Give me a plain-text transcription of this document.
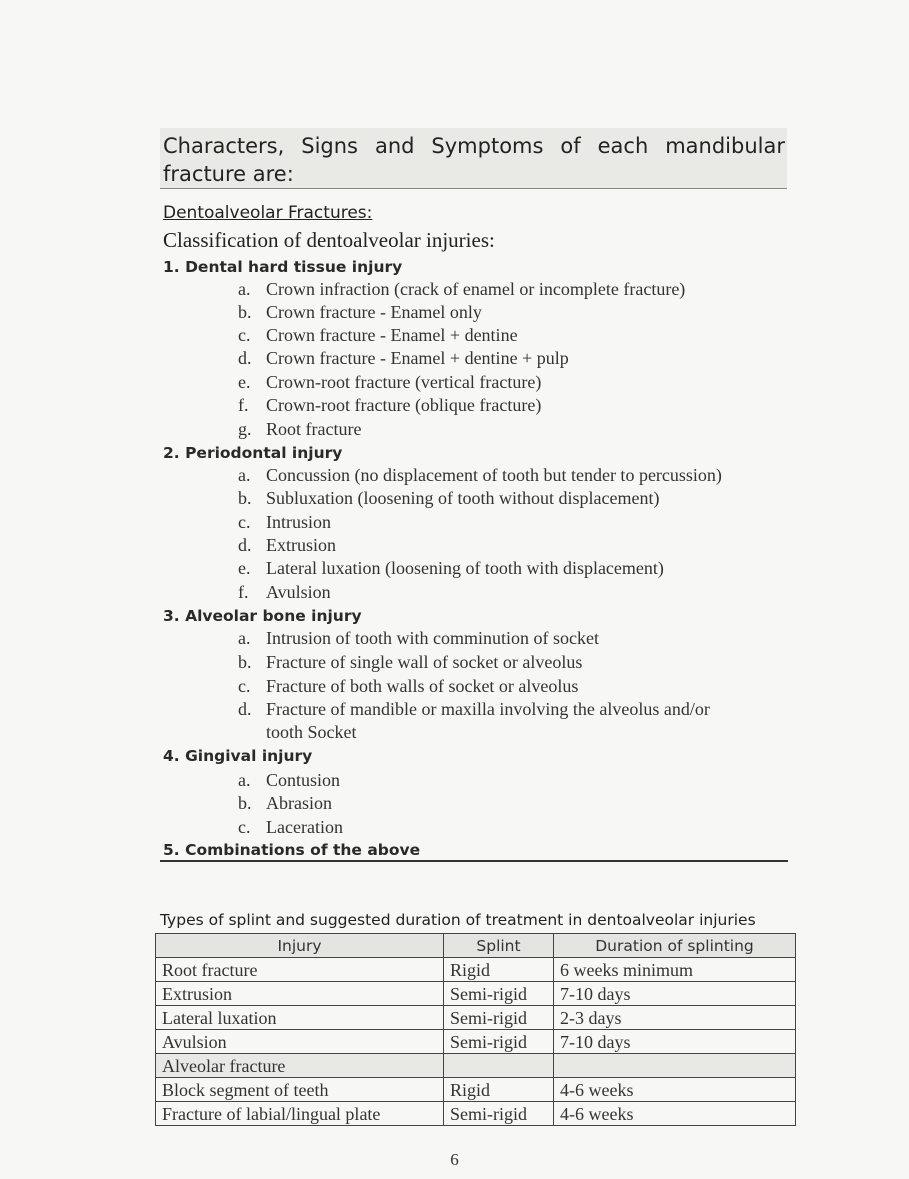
Characters, Signs and Symptoms of each mandibular fracture are:

Dentoalveolar Fractures:

Classification of dentoalveolar injuries:

1. Dental hard tissue injury

a. Crown infraction (crack of enamel or incomplete fracture)

b. Crown fracture - Enamel only

c. Crown fracture - Enamel + dentine

d. Crown fracture - Enamel + dentine + pulp

e. Crown-root fracture (vertical fracture)

f. Crown-root fracture (oblique fracture)

g. Root fracture

2. Periodontal injury

a. Concussion (no displacement of tooth but tender to percussion)

b. Subluxation (loosening of tooth without displacement)

c. Intrusion

d. Extrusion

e. Lateral luxation (loosening of tooth with displacement)

f. Avulsion

3. Alveolar bone injury

a. Intrusion of tooth with comminution of socket

b. Fracture of single wall of socket or alveolus

c. Fracture of both walls of socket or alveolus

d. Fracture of mandible or maxilla involving the alveolus and/or

tooth Socket

4. Gingival injury

a. Contusion

b. Abrasion

c. Laceration

5. Combinations of the above

Types of splint and suggested duration of treatment in dentoalveolar injuries

Injury	Splint	Duration of splinting
Root fracture	Rigid	6 weeks minimum
Extrusion	Semi-rigid	7-10 days
Lateral luxation	Semi-rigid	2-3 days
Avulsion	Semi-rigid	7-10 days
Alveolar fracture		
Block segment of teeth	Rigid	4-6 weeks
Fracture of labial/lingual plate	Semi-rigid	4-6 weeks

6
